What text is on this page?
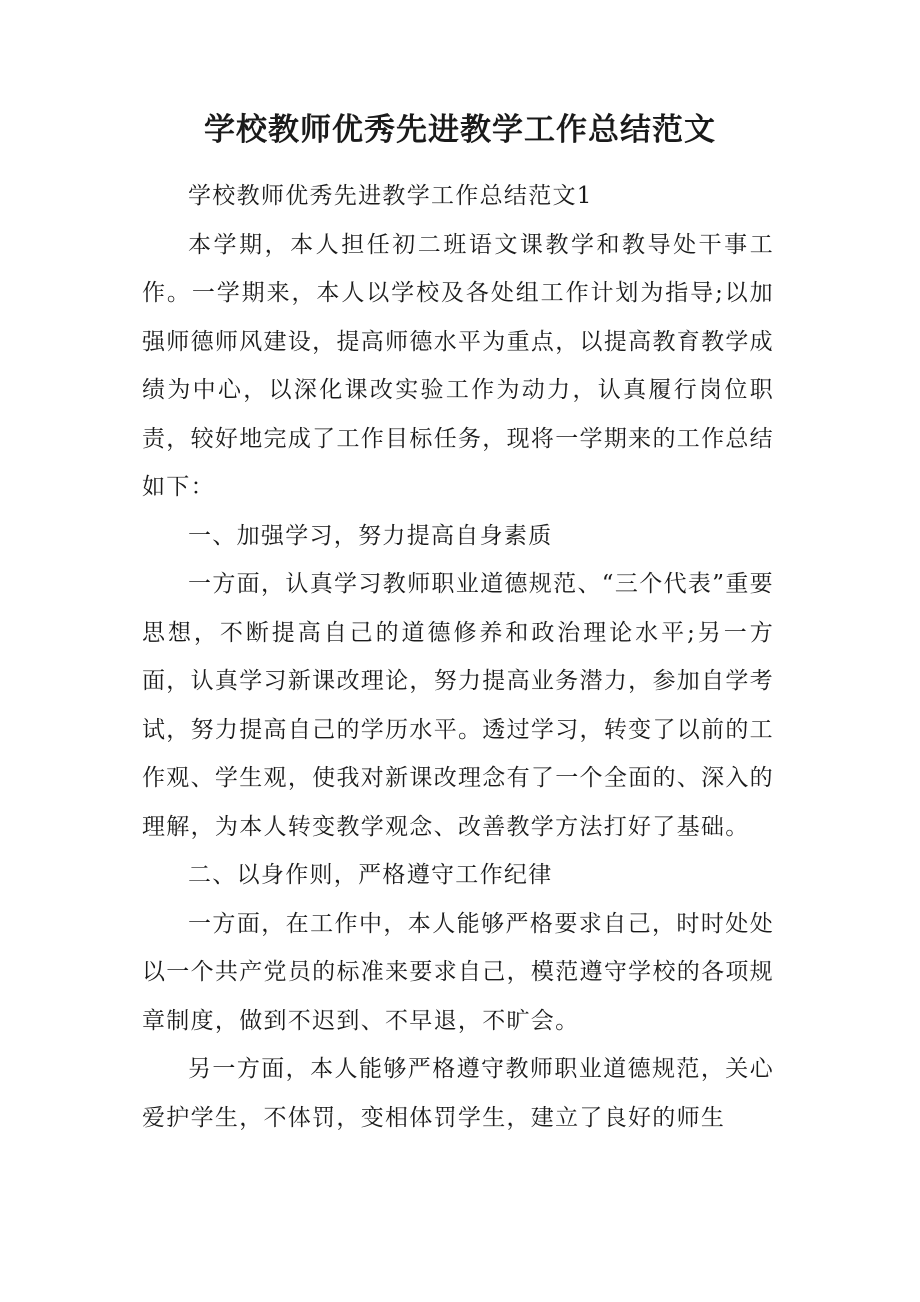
学校教师优秀先进教学工作总结范文

学校教师优秀先进教学工作总结范文1

本学期，本人担任初二班语文课教学和教导处干事工作。一学期来，本人以学校及各处组工作计划为指导;以加强师德师风建设，提高师德水平为重点，以提高教育教学成绩为中心，以深化课改实验工作为动力，认真履行岗位职责，较好地完成了工作目标任务，现将一学期来的工作总结如下：

一、加强学习，努力提高自身素质

一方面，认真学习教师职业道德规范、“三个代表”重要思想，不断提高自己的道德修养和政治理论水平;另一方面，认真学习新课改理论，努力提高业务潜力，参加自学考试，努力提高自己的学历水平。透过学习，转变了以前的工作观、学生观，使我对新课改理念有了一个全面的、深入的理解，为本人转变教学观念、改善教学方法打好了基础。

二、以身作则，严格遵守工作纪律

一方面，在工作中，本人能够严格要求自己，时时处处以一个共产党员的标准来要求自己，模范遵守学校的各项规章制度，做到不迟到、不早退，不旷会。

另一方面，本人能够严格遵守教师职业道德规范，关心爱护学生，不体罚，变相体罚学生，建立了良好的师生
